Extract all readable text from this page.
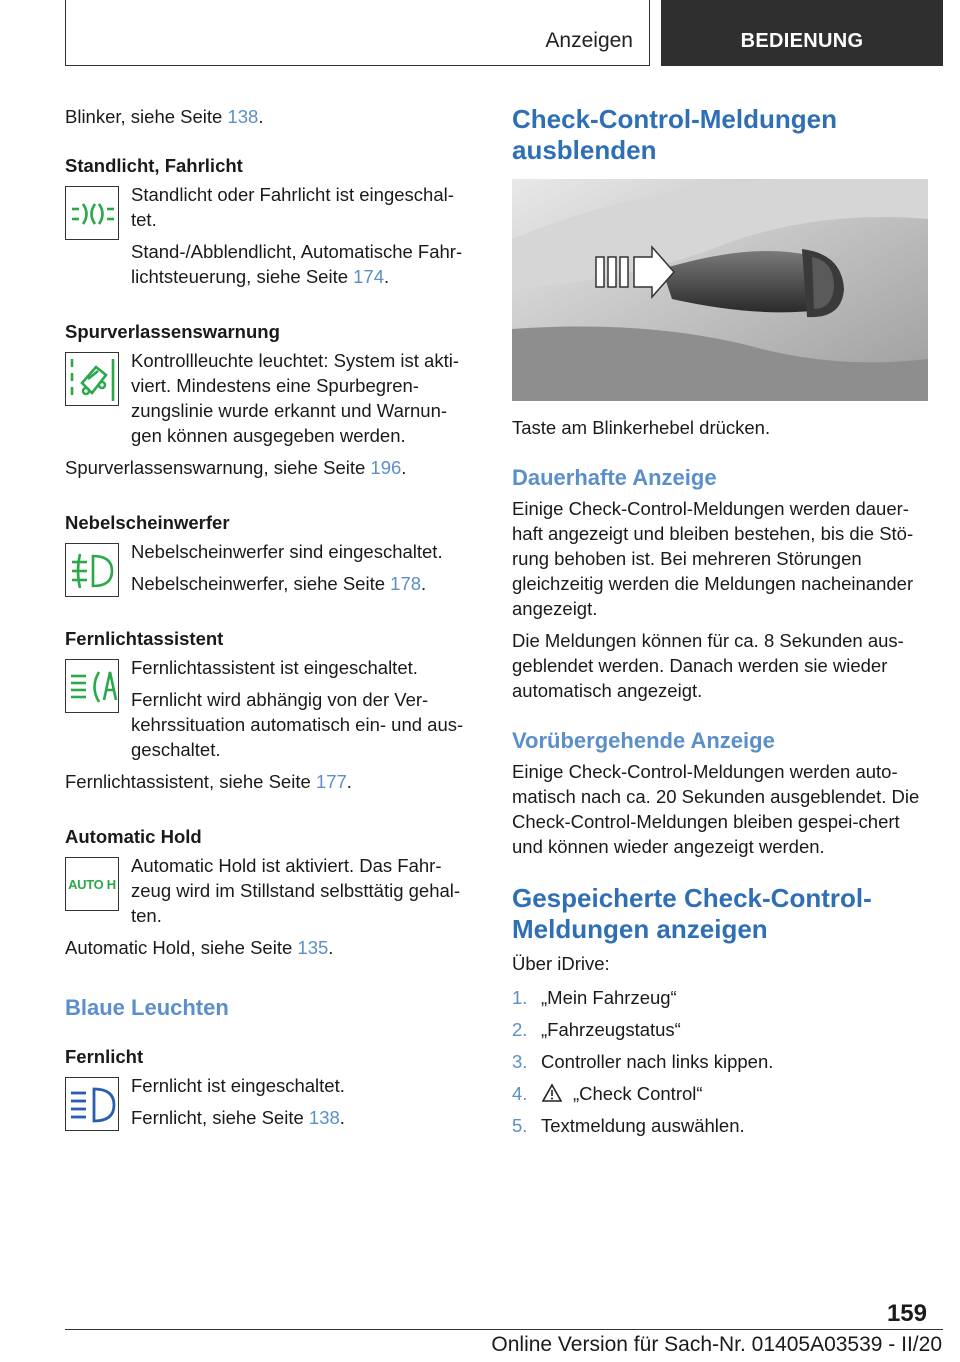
Anzeigen	BEDIENUNG

Blinker, siehe Seite 138.

Standlicht, Fahrlicht

Standlicht oder Fahrlicht ist eingeschal-tet.

Stand-/Abblendlicht, Automatische Fahr-lichtsteuerung, siehe Seite 174.

Spurverlassenswarnung

Kontrollleuchte leuchtet: System ist akti-viert. Mindestens eine Spurbegren-zungslinie wurde erkannt und Warnun-gen können ausgegeben werden.

Spurverlassenswarnung, siehe Seite 196.

Nebelscheinwerfer

Nebelscheinwerfer sind eingeschaltet.

Nebelscheinwerfer, siehe Seite 178.

Fernlichtassistent

Fernlichtassistent ist eingeschaltet.

Fernlicht wird abhängig von der Ver-kehrssituation automatisch ein- und aus-geschaltet.

Fernlichtassistent, siehe Seite 177.

Automatic Hold
AUTO H

Automatic Hold ist aktiviert. Das Fahr-zeug wird im Stillstand selbsttätig gehal-ten.

Automatic Hold, siehe Seite 135.

Blaue Leuchten
Fernlicht

Fernlicht ist eingeschaltet.

Fernlicht, siehe Seite 138.

Check-Control-Meldungen ausblenden

Taste am Blinkerhebel drücken.

Dauerhafte Anzeige

Einige Check-Control-Meldungen werden dauer-haft angezeigt und bleiben bestehen, bis die Stö-rung behoben ist. Bei mehreren Störungen gleichzeitig werden die Meldungen nacheinander angezeigt.

Die Meldungen können für ca. 8 Sekunden aus-geblendet werden. Danach werden sie wieder automatisch angezeigt.

Vorübergehende Anzeige

Einige Check-Control-Meldungen werden auto-matisch nach ca. 20 Sekunden ausgeblendet. Die Check-Control-Meldungen bleiben gespei-chert und können wieder angezeigt werden.

Gespeicherte Check-Control-Meldungen anzeigen

Über iDrive:

1. „Mein Fahrzeug“
2. „Fahrzeugstatus“
3. Controller nach links kippen.
4. „Check Control“
5. Textmeldung auswählen.
159
Online Version für Sach-Nr. 01405A03539 - II/20
